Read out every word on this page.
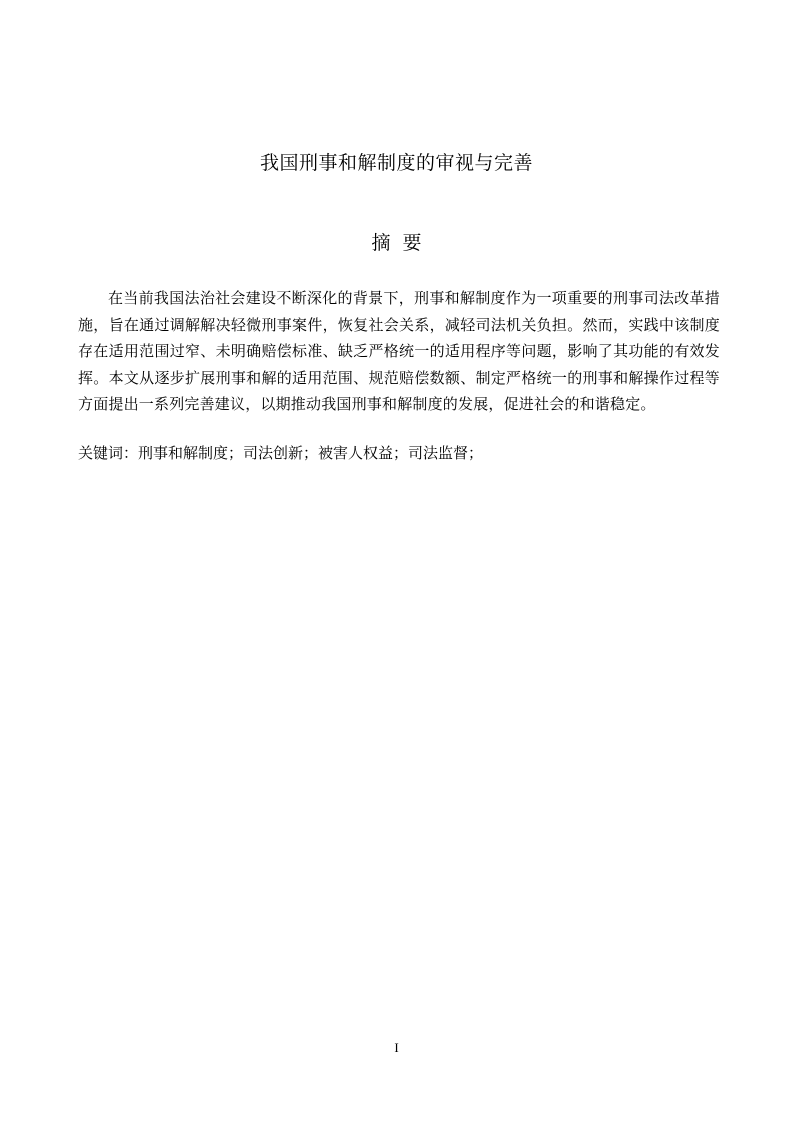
我国刑事和解制度的审视与完善
摘要

在当前我国法治社会建设不断深化的背景下，刑事和解制度作为一项重要的刑事司法改革措施，旨在通过调解解决轻微刑事案件，恢复社会关系，减轻司法机关负担。然而，实践中该制度存在适用范围过窄、未明确赔偿标准、缺乏严格统一的适用程序等问题，影响了其功能的有效发挥。本文从逐步扩展刑事和解的适用范围、规范赔偿数额、制定严格统一的刑事和解操作过程等方面提出一系列完善建议，以期推动我国刑事和解制度的发展，促进社会的和谐稳定。

关键词：刑事和解制度；司法创新；被害人权益；司法监督；
I
